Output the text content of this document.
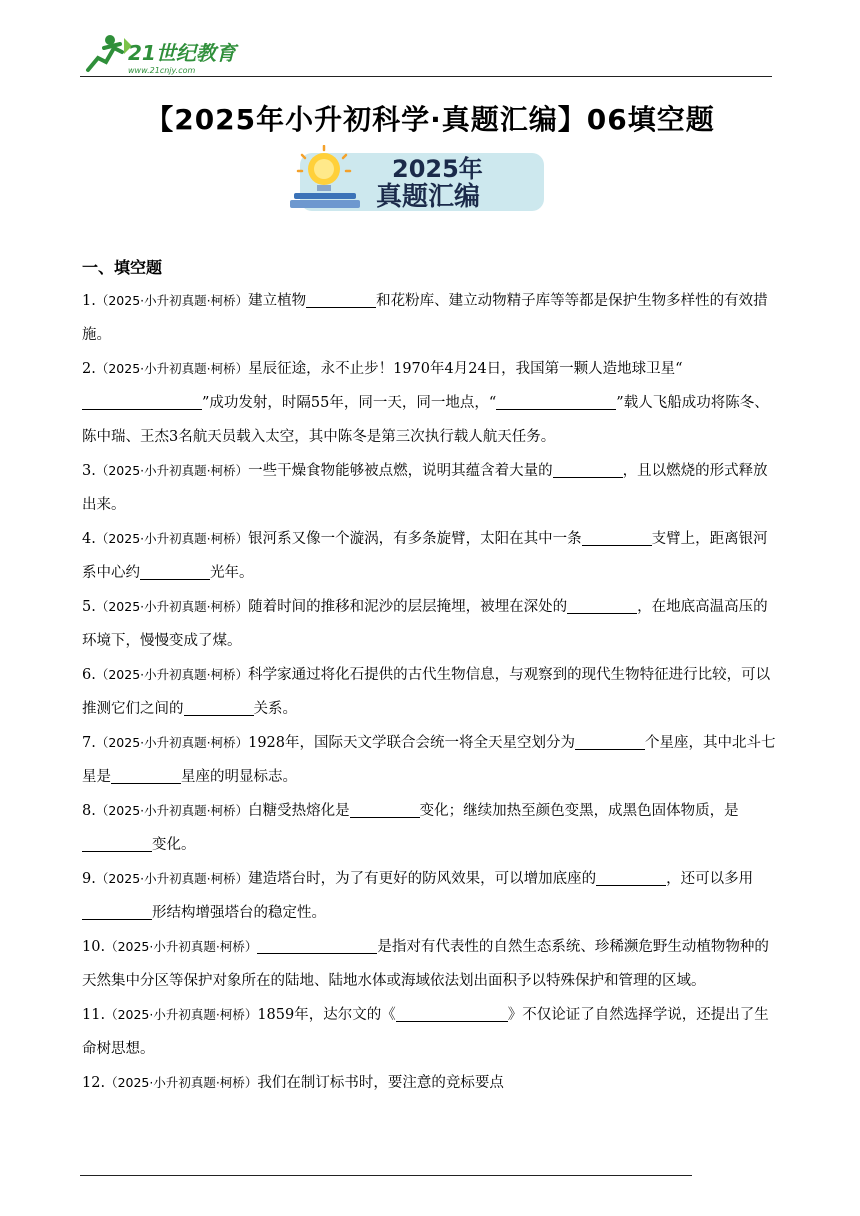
21世纪教育
www.21cnjy.com
【2025年小升初科学·真题汇编】06填空题
2025年
真题汇编
一、填空题

1.（2025·小升初真题·柯桥）建立植物	和花粉库、建立动物精子库等等都是保护生物多样性的有效措施。

2.（2025·小升初真题·柯桥）星辰征途，永不止步！1970年4月24日，我国第一颗人造地球卫星“”成功发射，时隔55年，同一天，同一地点，“	”载人飞船成功将陈冬、陈中瑞、王杰3名航天员载入太空，其中陈冬是第三次执行载人航天任务。

3.（2025·小升初真题·柯桥）一些干燥食物能够被点燃，说明其蕴含着大量的	，且以燃烧的形式释放出来。

4.（2025·小升初真题·柯桥）银河系又像一个漩涡，有多条旋臂，太阳在其中一条	支臂上，距离银河系中心约	光年。

5.（2025·小升初真题·柯桥）随着时间的推移和泥沙的层层掩埋，被埋在深处的	，在地底高温高压的环境下，慢慢变成了煤。

6.（2025·小升初真题·柯桥）科学家通过将化石提供的古代生物信息，与观察到的现代生物特征进行比较，可以推测它们之间的	关系。

7.（2025·小升初真题·柯桥）1928年，国际天文学联合会统一将全天星空划分为	个星座，其中北斗七星是	星座的明显标志。

8.（2025·小升初真题·柯桥）白糖受热熔化是	变化；继续加热至颜色变黑，成黑色固体物质，是变化。

9.（2025·小升初真题·柯桥）建造塔台时，为了有更好的防风效果，可以增加底座的	，还可以多用形结构增强塔台的稳定性。

10.（2025·小升初真题·柯桥）	是指对有代表性的自然生态系统、珍稀濒危野生动植物物种的天然集中分区等保护对象所在的陆地、陆地水体或海域依法划出面积予以特殊保护和管理的区域。

11.（2025·小升初真题·柯桥）1859年，达尔文的《	》不仅论证了自然选择学说，还提出了生命树思想。

12.（2025·小升初真题·柯桥）我们在制订标书时，要注意的竞标要点
